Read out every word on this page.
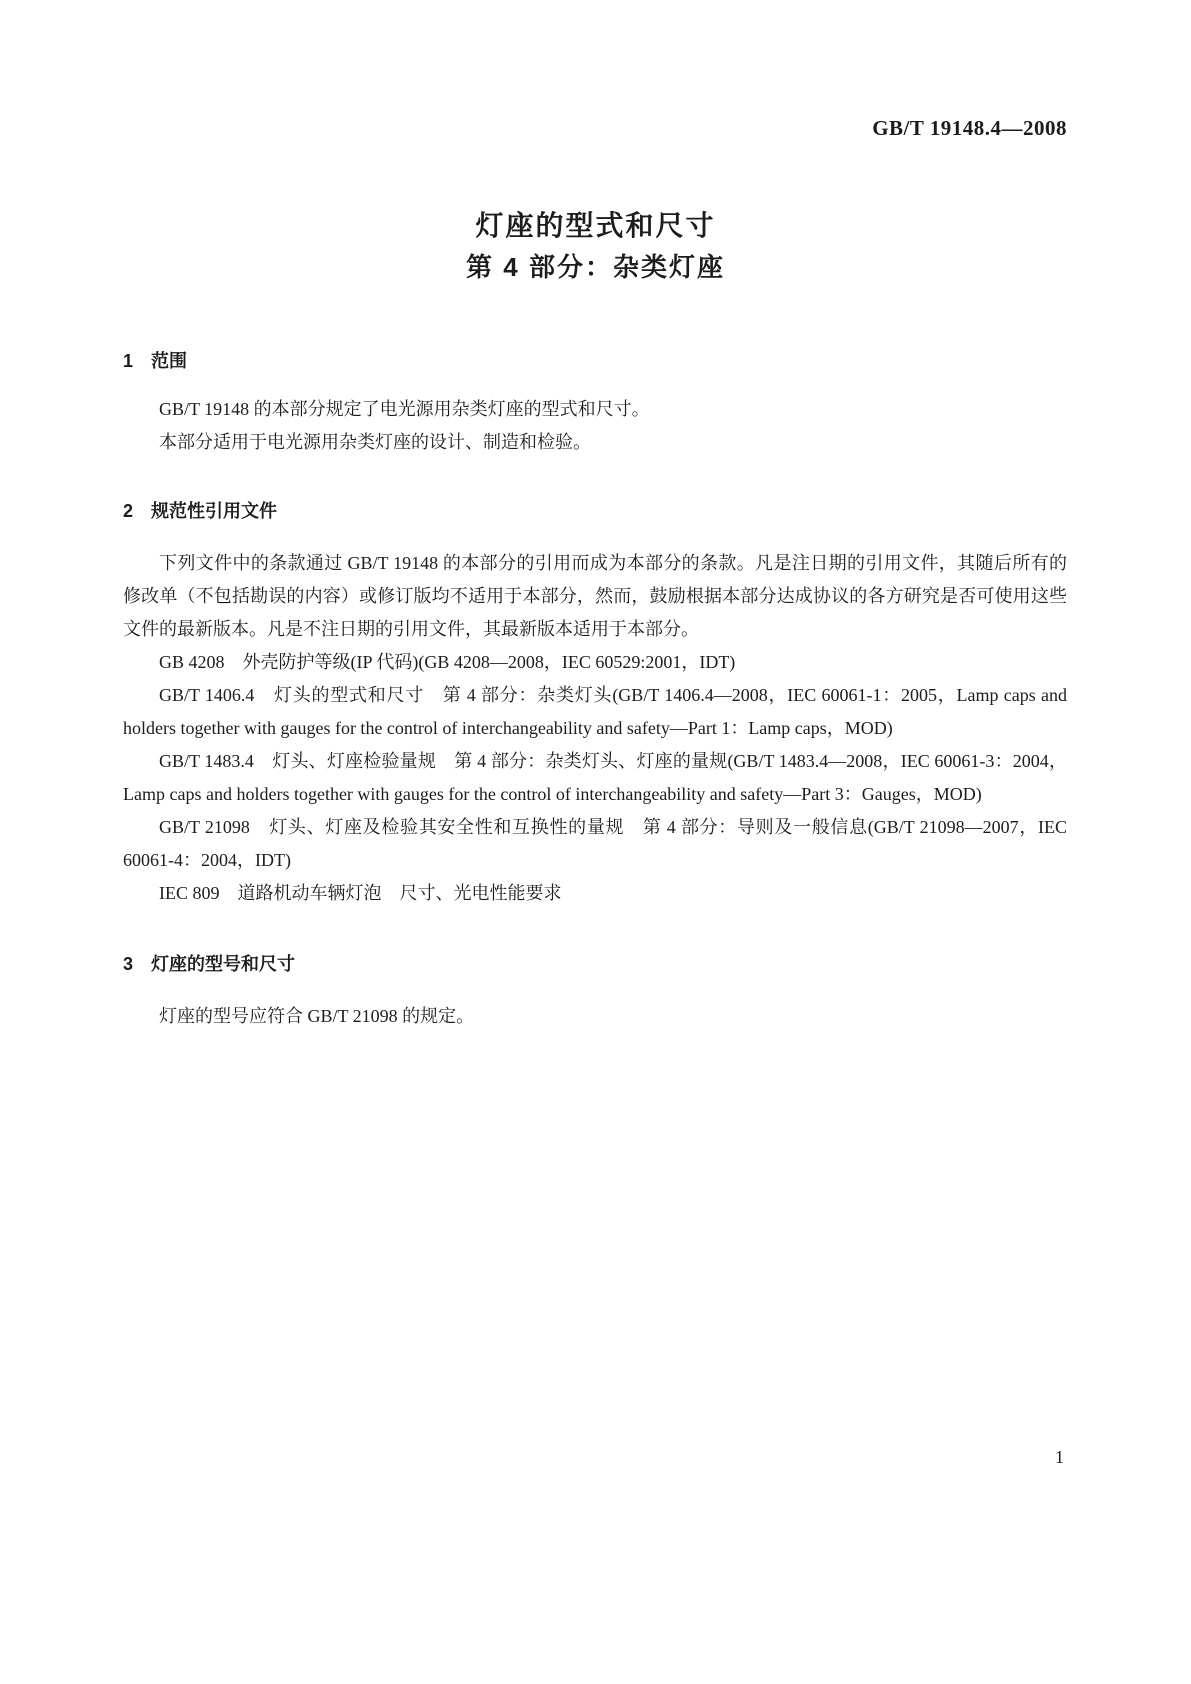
GB/T 19148.4—2008
灯座的型式和尺寸
第 4 部分：杂类灯座
1　范围

GB/T 19148 的本部分规定了电光源用杂类灯座的型式和尺寸。

本部分适用于电光源用杂类灯座的设计、制造和检验。

2　规范性引用文件

下列文件中的条款通过 GB/T 19148 的本部分的引用而成为本部分的条款。凡是注日期的引用文件，其随后所有的修改单（不包括勘误的内容）或修订版均不适用于本部分，然而，鼓励根据本部分达成协议的各方研究是否可使用这些文件的最新版本。凡是不注日期的引用文件，其最新版本适用于本部分。

GB 4208　外壳防护等级(IP 代码)(GB 4208—2008，IEC 60529:2001，IDT)

GB/T 1406.4　灯头的型式和尺寸　第 4 部分：杂类灯头(GB/T 1406.4—2008，IEC 60061-1：2005，Lamp caps and holders together with gauges for the control of interchangeability and safety—Part 1：Lamp caps，MOD)

GB/T 1483.4　灯头、灯座检验量规　第 4 部分：杂类灯头、灯座的量规(GB/T 1483.4—2008，IEC 60061-3：2004，Lamp caps and holders together with gauges for the control of interchangeability and safety—Part 3：Gauges，MOD)

GB/T 21098　灯头、灯座及检验其安全性和互换性的量规　第 4 部分：导则及一般信息(GB/T 21098—2007，IEC 60061-4：2004，IDT)

IEC 809　道路机动车辆灯泡　尺寸、光电性能要求

3　灯座的型号和尺寸

灯座的型号应符合 GB/T 21098 的规定。

1
